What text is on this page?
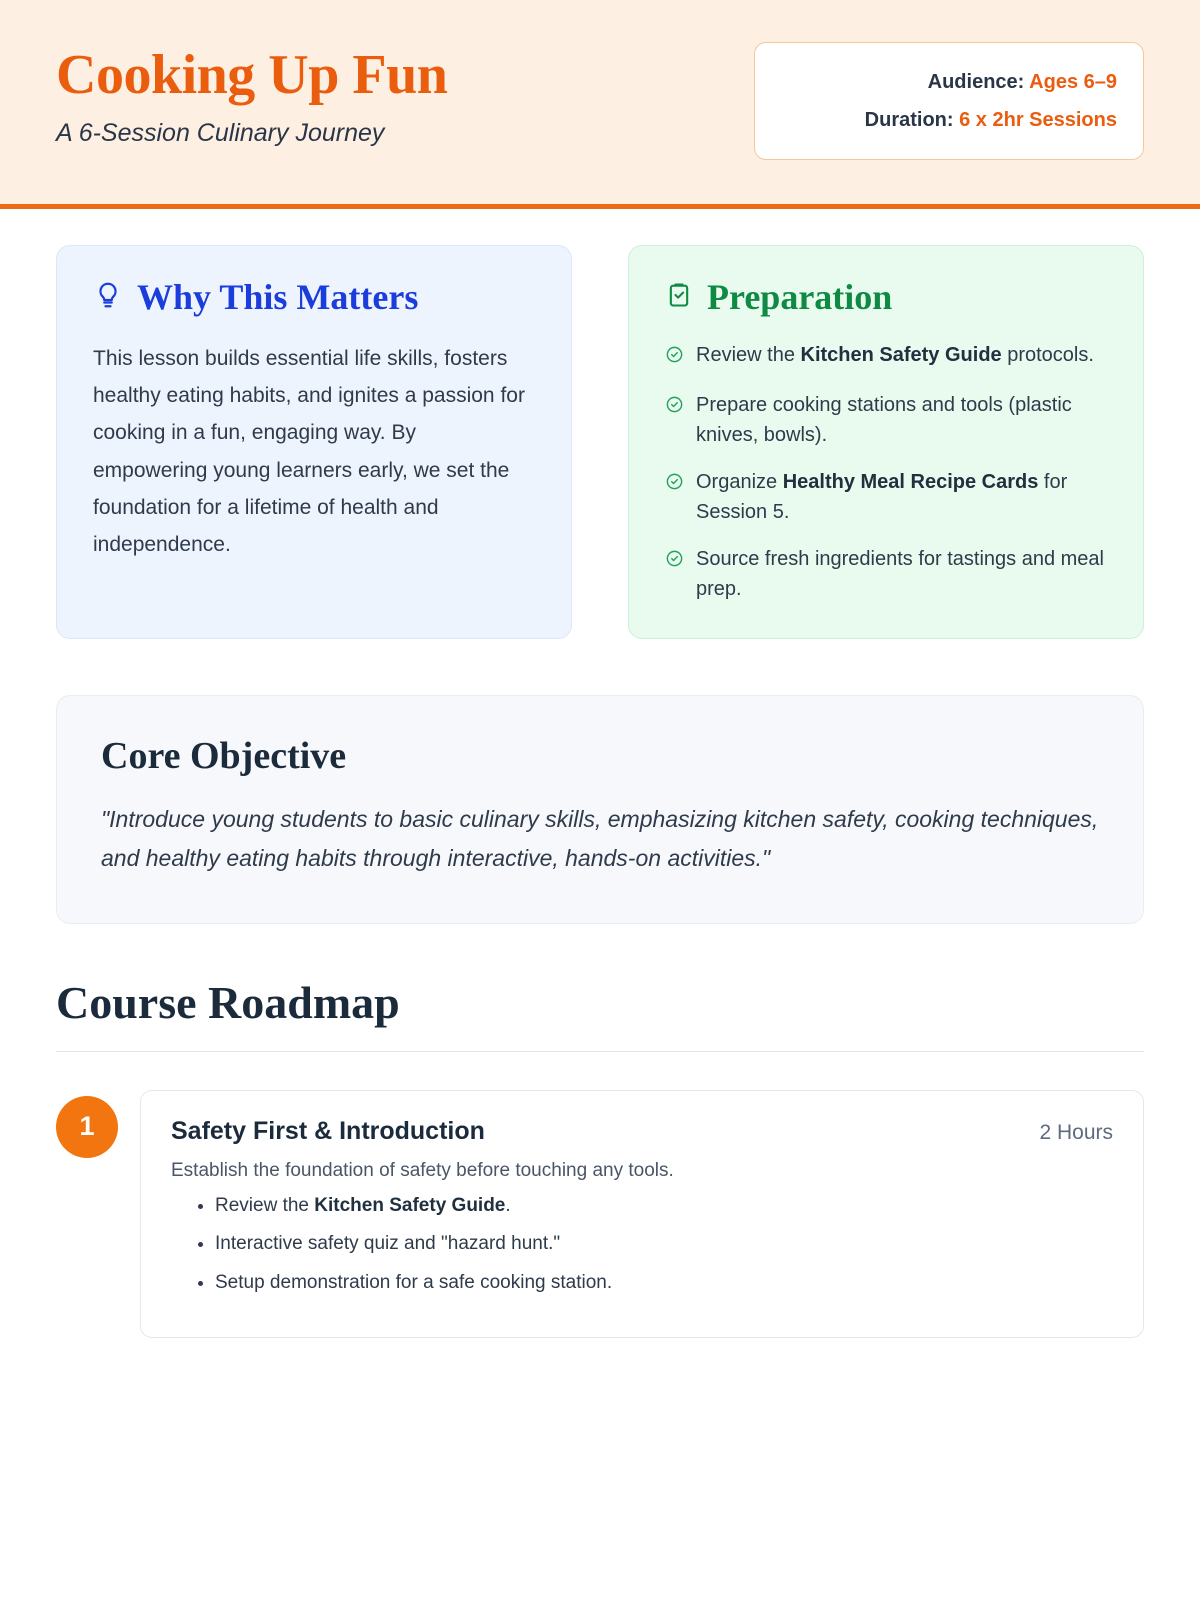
Cooking Up Fun

A 6-Session Culinary Journey

Audience: Ages 6–9
Duration: 6 x 2hr Sessions
Why This Matters

This lesson builds essential life skills, fosters healthy eating habits, and ignites a passion for cooking in a fun, engaging way. By empowering young learners early, we set the foundation for a lifetime of health and independence.

Preparation
Review the Kitchen Safety Guide protocols.
Prepare cooking stations and tools (plastic knives, bowls).
Organize Healthy Meal Recipe Cards for Session 5.
Source fresh ingredients for tastings and meal prep.
Core Objective

"Introduce young students to basic culinary skills, emphasizing kitchen safety, cooking techniques, and healthy eating habits through interactive, hands-on activities."

Course Roadmap
1	Safety First & Introduction	2 Hours

Establish the foundation of safety before touching any tools.

• Review the Kitchen Safety Guide.
• Interactive safety quiz and "hazard hunt."
• Setup demonstration for a safe cooking station.
